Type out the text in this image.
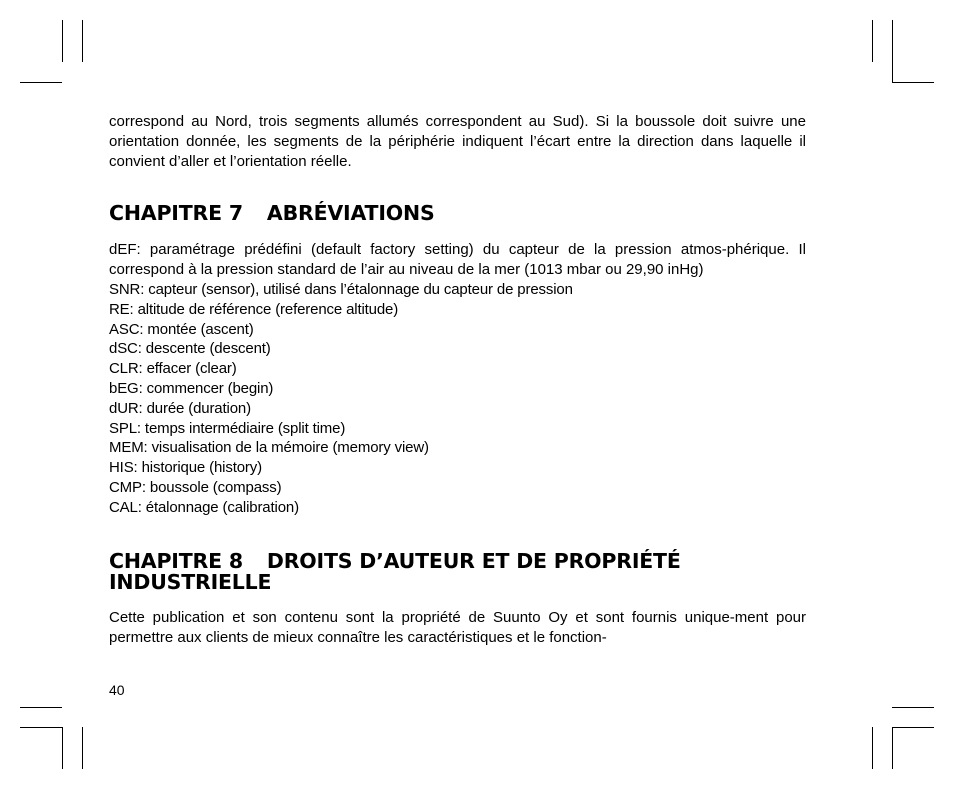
correspond au Nord, trois segments allumés correspondent au Sud). Si la boussole doit suivre une orientation donnée, les segments de la périphérie indiquent l’écart entre la direction dans laquelle il convient d’aller et l’orientation réelle.

CHAPITRE 7 ABRÉVIATIONS

dEF: paramétrage prédéfini (default factory setting) du capteur de la pression atmos-phérique. Il correspond à la pression standard de l’air au niveau de la mer (1013 mbar ou 29,90 inHg)

SNR: capteur (sensor), utilisé dans l’étalonnage du capteur de pression
RE: altitude de référence (reference altitude)
ASC: montée (ascent)
dSC: descente (descent)
CLR: effacer (clear)
bEG: commencer (begin)
dUR: durée (duration)
SPL: temps intermédiaire (split time)
MEM: visualisation de la mémoire (memory view)
HIS: historique (history)
CMP: boussole (compass)
CAL: étalonnage (calibration)
CHAPITRE 8 DROITS D’AUTEUR ET DE PROPRIÉTÉ
INDUSTRIELLE

Cette publication et son contenu sont la propriété de Suunto Oy et sont fournis unique-ment pour permettre aux clients de mieux connaître les caractéristiques et le fonction-

40
